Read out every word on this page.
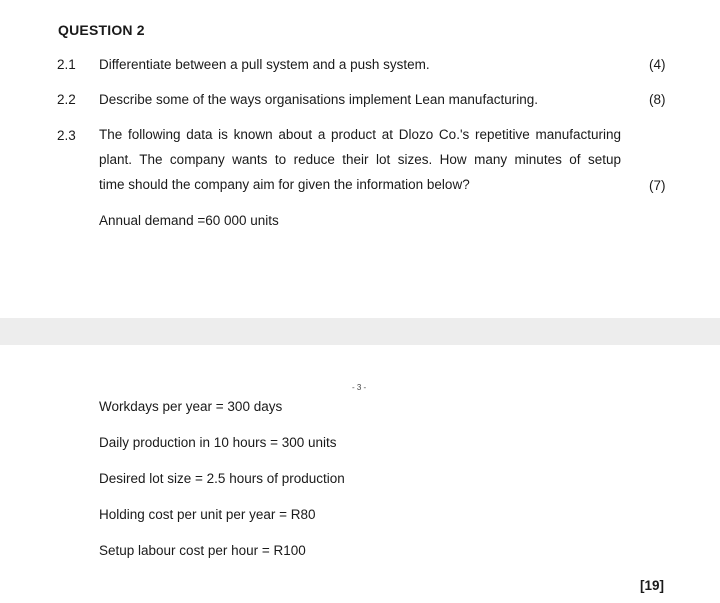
QUESTION 2
2.1 Differentiate between a pull system and a push system.	(4)
2.2 Describe some of the ways organisations implement Lean manufacturing.	(8)
2.3 The following data is known about a product at Dlozo Co.'s repetitive manufacturing
plant. The company wants to reduce their lot sizes. How many minutes of setup
time should the company aim for given the information below?	(7)
Annual demand =60 000 units
- 3 -
Workdays per year = 300 days
Daily production in 10 hours = 300 units
Desired lot size = 2.5 hours of production
Holding cost per unit per year = R80
Setup labour cost per hour = R100
[19]
